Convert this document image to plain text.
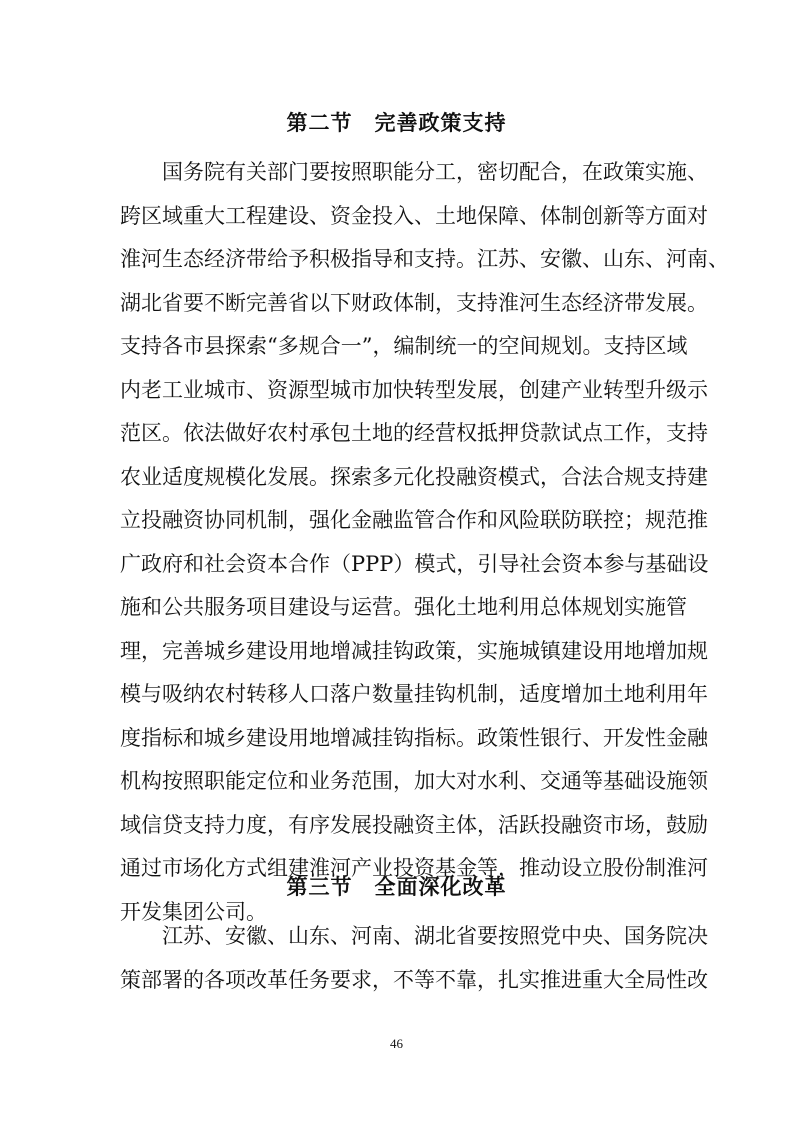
第二节　完善政策支持
国务院有关部门要按照职能分工，密切配合，在政策实施、
跨区域重大工程建设、资金投入、土地保障、体制创新等方面对
淮河生态经济带给予积极指导和支持。江苏、安徽、山东、河南、
湖北省要不断完善省以下财政体制，支持淮河生态经济带发展。
支持各市县探索“多规合一”，编制统一的空间规划。支持区域
内老工业城市、资源型城市加快转型发展，创建产业转型升级示
范区。依法做好农村承包土地的经营权抵押贷款试点工作，支持
农业适度规模化发展。探索多元化投融资模式，合法合规支持建
立投融资协同机制，强化金融监管合作和风险联防联控；规范推
广政府和社会资本合作（PPP）模式，引导社会资本参与基础设
施和公共服务项目建设与运营。强化土地利用总体规划实施管
理，完善城乡建设用地增减挂钩政策，实施城镇建设用地增加规
模与吸纳农村转移人口落户数量挂钩机制，适度增加土地利用年
度指标和城乡建设用地增减挂钩指标。政策性银行、开发性金融
机构按照职能定位和业务范围，加大对水利、交通等基础设施领
域信贷支持力度，有序发展投融资主体，活跃投融资市场，鼓励
通过市场化方式组建淮河产业投资基金等，推动设立股份制淮河
开发集团公司。
第三节　全面深化改革
江苏、安徽、山东、河南、湖北省要按照党中央、国务院决
策部署的各项改革任务要求，不等不靠，扎实推进重大全局性改
46
